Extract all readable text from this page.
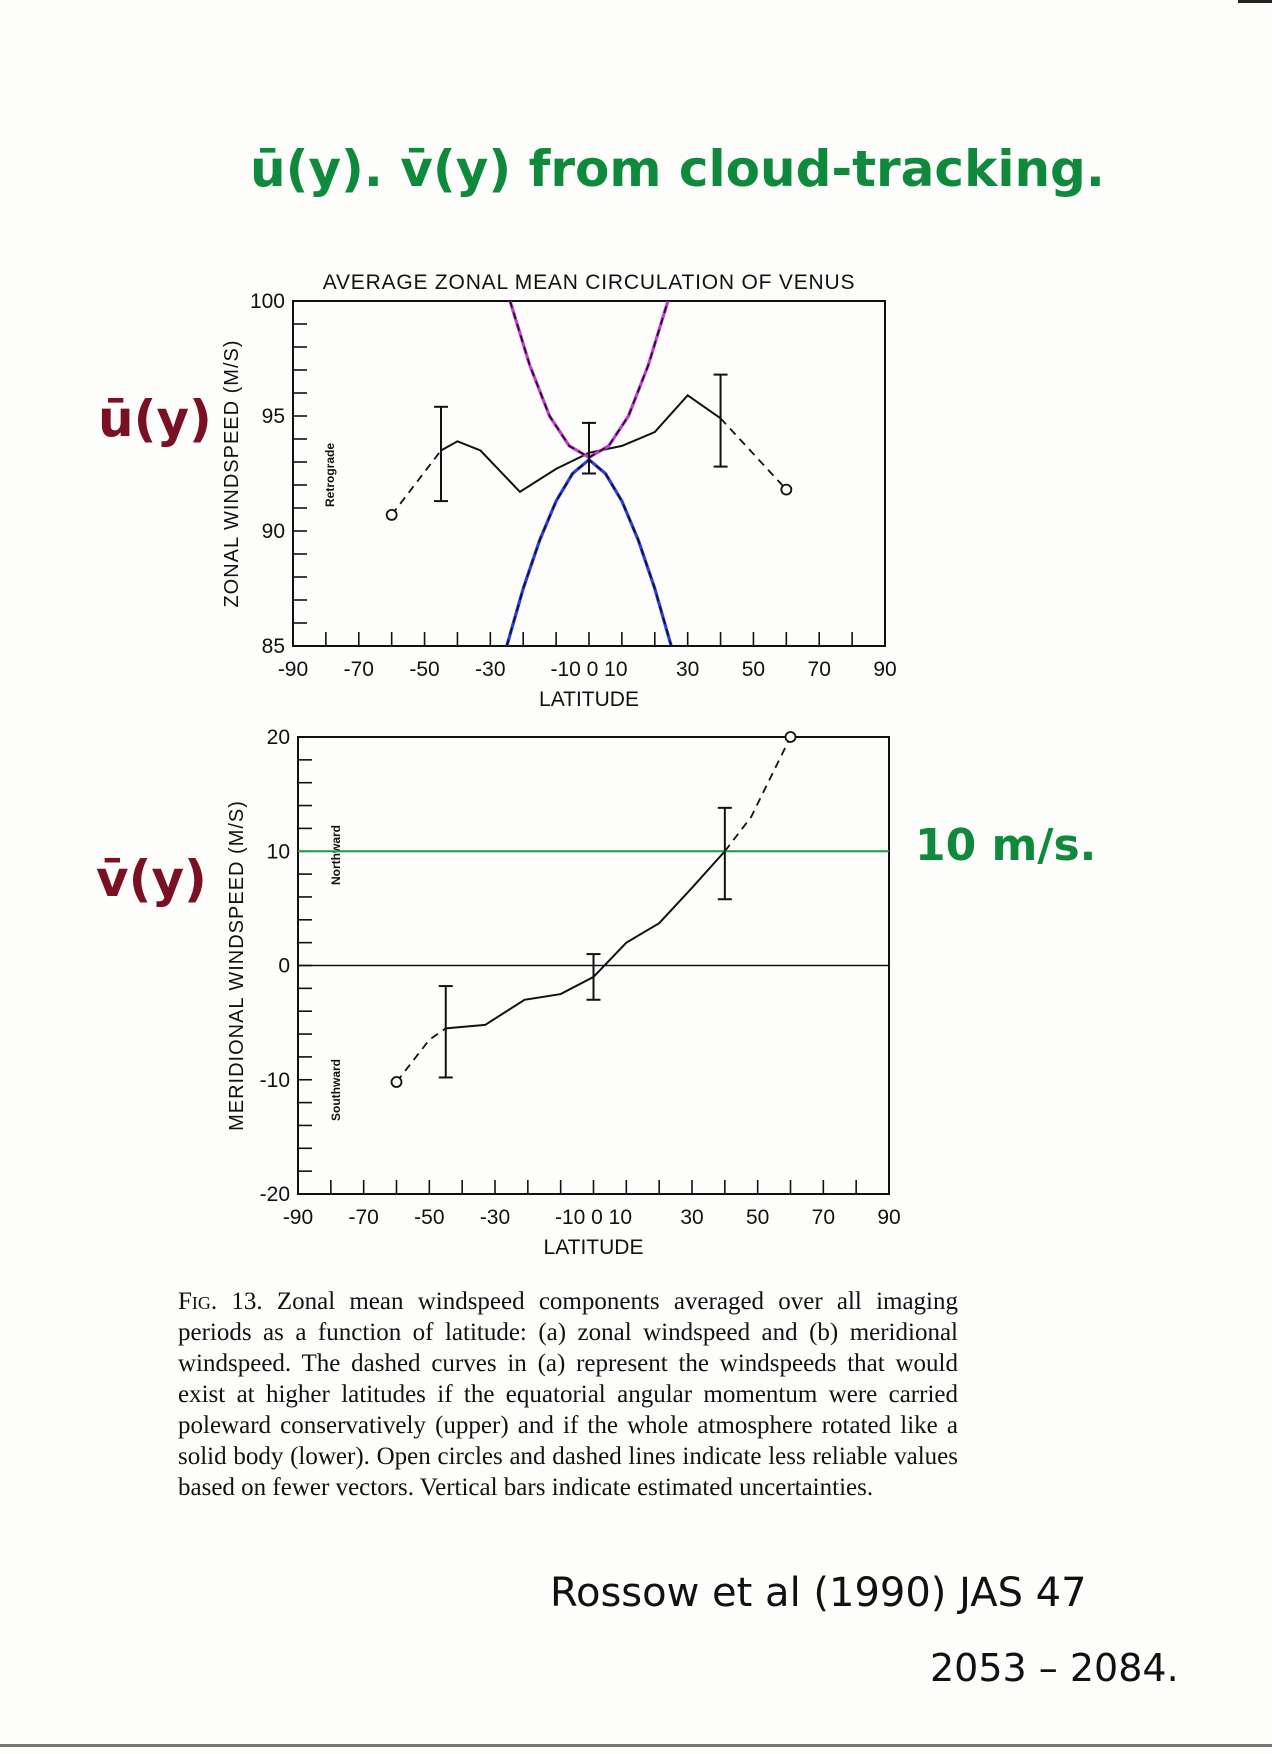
ū(y). v̄(y) from cloud-tracking.
ū(y)
v̄(y)
10 m/s.
-90 -70 -50 -30 -10 0 10 30 50 70 90
85
90
95
100
LATITUDE
ZONAL WINDSPEED (M/S)
AVERAGE ZONAL MEAN CIRCULATION OF VENUS
Retrograde
-90 -70 -50 -30 -10 0 10 30 50 70 90
-20
-10
0
10
20
LATITUDE
MERIDIONAL WINDSPEED (M/S)	Northward
Southward
Fig. 13. Zonal mean windspeed components averaged over all imaging periods as a function of latitude: (a) zonal windspeed and (b) meridional windspeed. The dashed curves in (a) represent the windspeeds that would exist at higher latitudes if the equatorial angular momentum were carried poleward conservatively (upper) and if the whole atmosphere rotated like a solid body (lower). Open circles and dashed lines indicate less reliable values based on fewer vectors. Vertical bars indicate estimated uncertainties.
Rossow et al (1990) JAS 47
2053 – 2084.
